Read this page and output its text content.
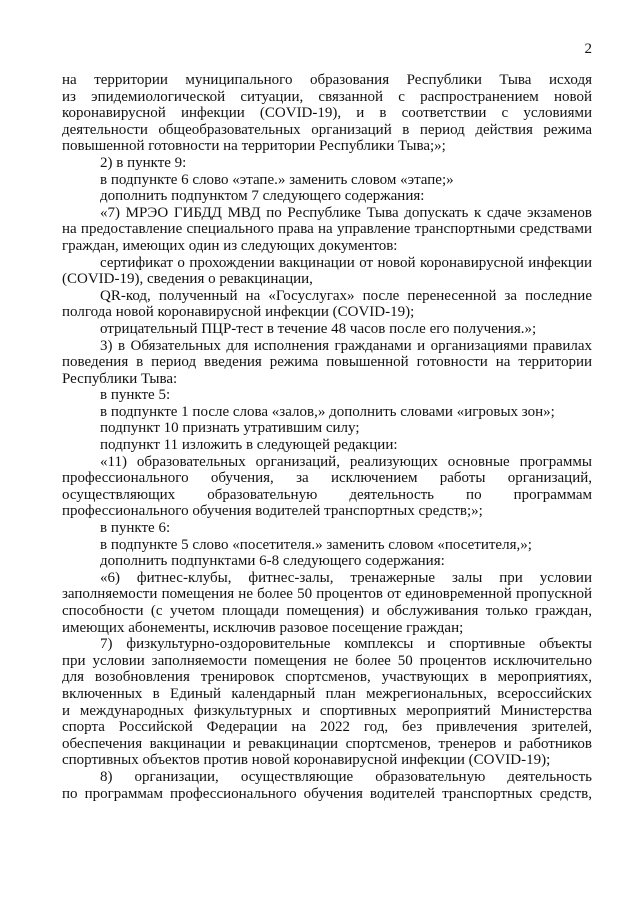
2
на территории муниципального образования Республики Тыва исходя
из эпидемиологической ситуации, связанной с распространением новой
коронавирусной инфекции (COVID-19), и в соответствии с условиями
деятельности общеобразовательных организаций в период действия режима
повышенной готовности на территории Республики Тыва;»;
2) в пункте 9:
в подпункте 6 слово «этапе.» заменить словом «этапе;»
дополнить подпунктом 7 следующего содержания:
«7) МРЭО ГИБДД МВД по Республике Тыва допускать к сдаче экзаменов
на предоставление специального права на управление транспортными средствами
граждан, имеющих один из следующих документов:
сертификат о прохождении вакцинации от новой коронавирусной инфекции
(COVID-19), сведения о ревакцинации,
QR-код, полученный на «Госуслугах» после перенесенной за последние
полгода новой коронавирусной инфекции (COVID-19);
отрицательный ПЦР-тест в течение 48 часов после его получения.»;
3) в Обязательных для исполнения гражданами и организациями правилах
поведения в период введения режима повышенной готовности на территории
Республики Тыва:
в пункте 5:
в подпункте 1 после слова «залов,» дополнить словами «игровых зон»;
подпункт 10 признать утратившим силу;
подпункт 11 изложить в следующей редакции:
«11) образовательных организаций, реализующих основные программы
профессионального обучения, за исключением работы организаций,
осуществляющих образовательную деятельность по программам
профессионального обучения водителей транспортных средств;»;
в пункте 6:
в подпункте 5 слово «посетителя.» заменить словом «посетителя,»;
дополнить подпунктами 6-8 следующего содержания:
«6) фитнес-клубы, фитнес-залы, тренажерные залы при условии
заполняемости помещения не более 50 процентов от единовременной пропускной
способности (с учетом площади помещения) и обслуживания только граждан,
имеющих абонементы, исключив разовое посещение граждан;
7) физкультурно-оздоровительные комплексы и спортивные объекты
при условии заполняемости помещения не более 50 процентов исключительно
для возобновления тренировок спортсменов, участвующих в мероприятиях,
включенных в Единый календарный план межрегиональных, всероссийских
и международных физкультурных и спортивных мероприятий Министерства
спорта Российской Федерации на 2022 год, без привлечения зрителей,
обеспечения вакцинации и ревакцинации спортсменов, тренеров и работников
спортивных объектов против новой коронавирусной инфекции (COVID-19);
8) организации, осуществляющие образовательную деятельность
по программам профессионального обучения водителей транспортных средств,
